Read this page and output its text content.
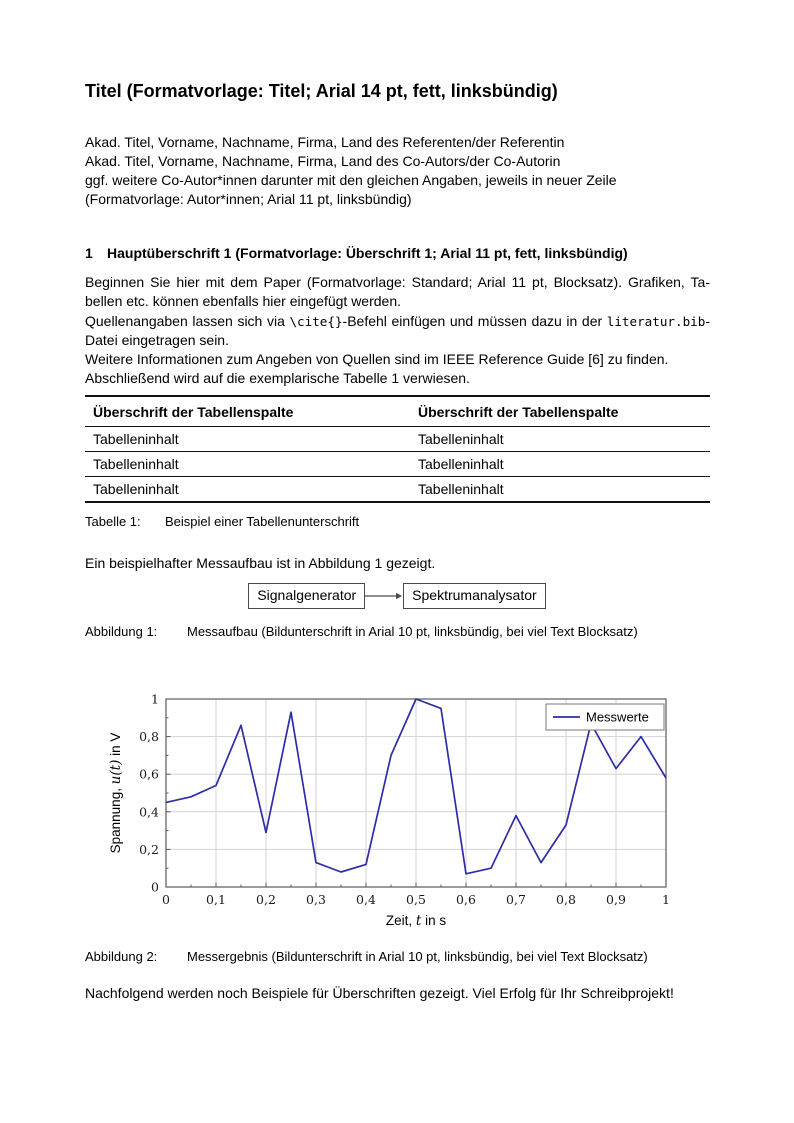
Titel (Formatvorlage: Titel; Arial 14 pt, fett, linksbündig)
Akad. Titel, Vorname, Nachname, Firma, Land des Referenten/der Referentin
Akad. Titel, Vorname, Nachname, Firma, Land des Co-Autors/der Co-Autorin
ggf. weitere Co-Autor*innen darunter mit den gleichen Angaben, jeweils in neuer Zeile
(Formatvorlage: Autor*innen; Arial 11 pt, linksbündig)
1	Hauptüberschrift 1 (Formatvorlage: Überschrift 1; Arial 11 pt, fett, linksbündig)
Beginnen Sie hier mit dem Paper (Formatvorlage: Standard; Arial 11 pt, Blocksatz). Grafiken, Ta-
bellen etc. können ebenfalls hier eingefügt werden.
Quellenangaben lassen sich via \cite{}-Befehl einfügen und müssen dazu in der literatur.bib-
Datei eingetragen sein.
Weitere Informationen zum Angeben von Quellen sind im IEEE Reference Guide [6] zu finden.
Abschließend wird auf die exemplarische Tabelle 1 verwiesen.
Überschrift der Tabellenspalte	Überschrift der Tabellenspalte
Tabelleninhalt	Tabelleninhalt
Tabelleninhalt	Tabelleninhalt
Tabelleninhalt	Tabelleninhalt
Tabelle 1:	Beispiel einer Tabellenunterschrift
Ein beispielhafter Messaufbau ist in Abbildung 1 gezeigt.
Signalgenerator	Spektrumanalysator
Abbildung 1:	Messaufbau (Bildunterschrift in Arial 10 pt, linksbündig, bei viel Text Blocksatz)
0	0,1 0,2 0,3 0,4 0,5 0,6 0,7 0,8 0,9	1
0
0,2
0,4
0,6
0,8
1
Zeit, t in s
Spannung, u(t) in V
Messwerte
Abbildung 2:	Messergebnis (Bildunterschrift in Arial 10 pt, linksbündig, bei viel Text Blocksatz)
Nachfolgend werden noch Beispiele für Überschriften gezeigt. Viel Erfolg für Ihr Schreibprojekt!
